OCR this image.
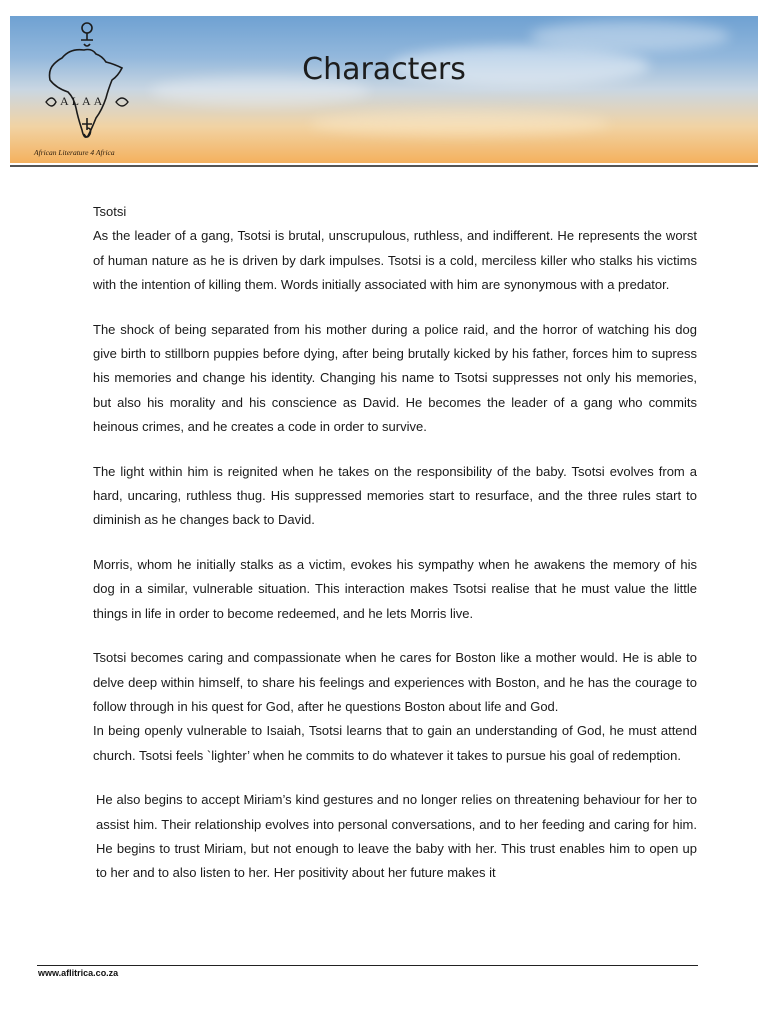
ALAA
African Literature 4 Africa
Characters

Tsotsi

As the leader of a gang, Tsotsi is brutal, unscrupulous, ruthless, and indifferent. He represents the worst of human nature as he is driven by dark impulses. Tsotsi is a cold, merciless killer who stalks his victims with the intention of killing them. Words initially associated with him are synonymous with a predator.

The shock of being separated from his mother during a police raid, and the horror of watching his dog give birth to stillborn puppies before dying, after being brutally kicked by his father, forces him to supress his memories and change his identity. Changing his name to Tsotsi suppresses not only his memories, but also his morality and his conscience as David. He becomes the leader of a gang who commits heinous crimes, and he creates a code in order to survive.

The light within him is reignited when he takes on the responsibility of the baby. Tsotsi evolves from a hard, uncaring, ruthless thug. His suppressed memories start to resurface, and the three rules start to diminish as he changes back to David.

Morris, whom he initially stalks as a victim, evokes his sympathy when he awakens the memory of his dog in a similar, vulnerable situation. This interaction makes Tsotsi realise that he must value the little things in life in order to become redeemed, and he lets Morris live.

Tsotsi becomes caring and compassionate when he cares for Boston like a mother would. He is able to delve deep within himself, to share his feelings and experiences with Boston, and he has the courage to follow through in his quest for God, after he questions Boston about life and God.

In being openly vulnerable to Isaiah, Tsotsi learns that to gain an understanding of God, he must attend church. Tsotsi feels `lighter’ when he commits to do whatever it takes to pursue his goal of redemption.

He also begins to accept Miriam’s kind gestures and no longer relies on threatening behaviour for her to assist him. Their relationship evolves into personal conversations, and to her feeding and caring for him. He begins to trust Miriam, but not enough to leave the baby with her. This trust enables him to open up to her and to also listen to her. Her positivity about her future makes it

www.aflitrica.co.za
